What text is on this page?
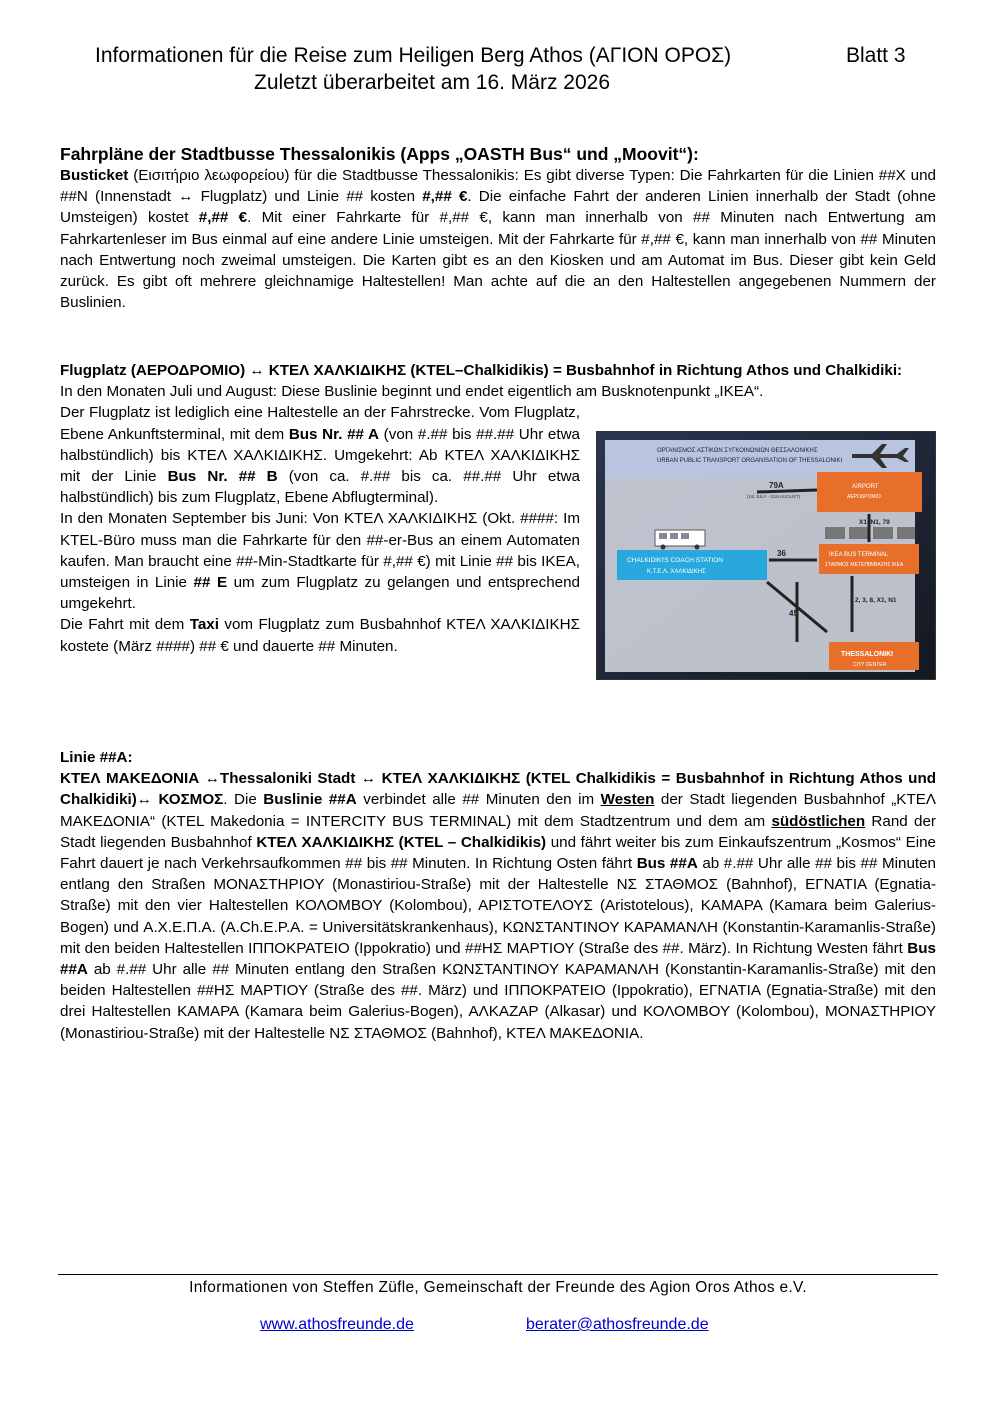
Informationen für die Reise zum Heiligen Berg Athos (ΑΓΙΟΝ ΟΡΟΣ)	Blatt 3
Zuletzt überarbeitet am 16. März 2026
Fahrpläne der Stadtbusse Thessalonikis (Apps „OASTH Bus“ und „Moovit“):

Busticket (Εισιτήριο λεωφορείου) für die Stadtbusse Thessalonikis: Es gibt diverse Typen: Die Fahrkarten für die Linien ##X und ##N (Innenstadt ↔ Flugplatz) und Linie ## kosten #,## €. Die einfache Fahrt der anderen Linien innerhalb der Stadt (ohne Umsteigen) kostet #,## €. Mit einer Fahrkarte für #,## €, kann man innerhalb von ## Minuten nach Entwertung am Fahrkartenleser im Bus einmal auf eine andere Linie umsteigen. Mit der Fahrkarte für #,## €, kann man innerhalb von ## Minuten nach Entwertung noch zweimal umsteigen. Die Karten gibt es an den Kiosken und am Automat im Bus. Dieser gibt kein Geld zurück. Es gibt oft mehrere gleichnamige Haltestellen! Man achte auf die an den Haltestellen angegebenen Nummern der Buslinien.

Flugplatz (ΑΕΡΟΔΡΟΜΙΟ) ↔ ΚΤΕΛ ΧΑΛΚΙΔΙΚΗΣ (KTEL–Chalkidikis) = Busbahnhof in Richtung Athos und Chalkidiki:

In den Monaten Juli und August: Diese Buslinie beginnt und endet eigentlich am Busknotenpunkt „IKEA“.

Der Flugplatz ist lediglich eine Haltestelle an der Fahrstrecke. Vom Flugplatz, Ebene Ankunftsterminal, mit dem Bus Nr. ## A (von #.## bis ##.## Uhr etwa halbstündlich) bis ΚΤΕΛ ΧΑΛΚΙΔΙΚΗΣ. Umgekehrt: Ab ΚΤΕΛ ΧΑΛΚΙΔΙΚΗΣ mit der Linie Bus Nr. ## B (von ca. #.## bis ca. ##.## Uhr etwa halbstündlich) bis zum Flugplatz, Ebene Abflugterminal).

In den Monaten September bis Juni: Von ΚΤΕΛ ΧΑΛΚΙΔΙΚΗΣ (Okt. ####: Im KTEL-Büro muss man die Fahrkarte für den ##-er-Bus an einem Automaten kaufen. Man braucht eine ##-Min-Stadtkarte für #,## €) mit Linie ## bis IKEA, umsteigen in Linie ## E um zum Flugplatz zu gelangen und entsprechend umgekehrt.

Die Fahrt mit dem Taxi vom Flugplatz zum Busbahnhof ΚΤΕΛ ΧΑΛΚΙΔΙΚΗΣ kostete (März ####) ## € und dauerte ## Minuten.

ΟΡΓΑΝΙΣΜΟΣ ΑΣΤΙΚΩΝ ΣΥΓΚΟΙΝΩΝΙΩΝ ΘΕΣΣΑΛΟΝΙΚΗΣ
URBAN PUBLIC TRANSPORT ORGANISATION OF THESSALONIKI
AIRPORT
ΑΕΡΟΔΡΟΜΙΟ
CHALKIDIKI'S COACH STATION
Κ.Τ.Ε.Λ. ΧΑΛΚΙΔΙΚΗΣ
IKEA BUS TERMINAL
ΣΤΑΘΜΟΣ ΜΕΤΕΠΙΒΙΒΑΣΗΣ ΙΚΕΑ
36
79A
(1st JULY - 31st AUGUST)
X1, N1, 79
45
2, 3, 8, X1, N1
THESSALONIKI
CITY CENTER

Linie ##A:

ΚΤΕΛ ΜΑΚΕΔΟΝΙΑ ↔Thessaloniki Stadt ↔ ΚΤΕΛ ΧΑΛΚΙΔΙΚΗΣ (KTEL Chalkidikis = Busbahnhof in Richtung Athos und Chalkidiki)↔ ΚΟΣΜΟΣ. Die Buslinie ##A verbindet alle ## Minuten den im Westen der Stadt liegenden Busbahnhof „ΚΤΕΛ ΜΑΚΕΔΟΝΙΑ“ (KTEL Makedonia = INTERCITY BUS TERMINAL) mit dem Stadtzentrum und dem am südöstlichen Rand der Stadt liegenden Busbahnhof ΚΤΕΛ ΧΑΛΚΙΔΙΚΗΣ (KTEL – Chalkidikis) und fährt weiter bis zum Einkaufszentrum „Kosmos“ Eine Fahrt dauert je nach Verkehrsaufkommen ## bis ## Minuten. In Richtung Osten fährt Bus ##A ab #.## Uhr alle ## bis ## Minuten entlang den Straßen ΜΟΝΑΣΤΗΡΙΟΥ (Monastiriou-Straße) mit der Haltestelle ΝΣ ΣΤΑΘΜΟΣ (Bahnhof), ΕΓΝΑΤΙΑ (Egnatia-Straße) mit den vier Haltestellen ΚΟΛΟΜΒΟΥ (Kolombou), ΑΡΙΣΤΟΤΕΛΟΥΣ (Aristotelous), ΚΑΜΑΡΑ (Kamara beim Galerius-Bogen) und Α.Χ.Ε.Π.Α. (A.Ch.E.P.A. = Universitätskrankenhaus), ΚΩΝΣΤΑΝΤΙΝΟΥ ΚΑΡΑΜΑΝΛΗ (Konstantin-Karamanlis-Straße) mit den beiden Haltestellen ΙΠΠΟΚΡΑΤΕΙΟ (Ippokratio) und ##ΗΣ ΜΑΡΤΙΟΥ (Straße des ##. März). In Richtung Westen fährt Bus ##A ab #.## Uhr alle ## Minuten entlang den Straßen ΚΩΝΣΤΑΝΤΙΝΟΥ ΚΑΡΑΜΑΝΛΗ (Konstantin-Karamanlis-Straße) mit den beiden Haltestellen ##ΗΣ ΜΑΡΤΙΟΥ (Straße des ##. März) und ΙΠΠΟΚΡΑΤΕΙΟ (Ippokratio), ΕΓΝΑΤΙΑ (Egnatia-Straße) mit den drei Haltestellen ΚΑΜΑΡΑ (Kamara beim Galerius-Bogen), ΑΛΚΑΖΑΡ (Alkasar) und ΚΟΛΟΜΒΟΥ (Kolombou), ΜΟΝΑΣΤΗΡΙΟΥ (Monastiriou-Straße) mit der Haltestelle ΝΣ ΣΤΑΘΜΟΣ (Bahnhof), ΚΤΕΛ ΜΑΚΕΔΟΝΙΑ.

Informationen von Steffen Züfle, Gemeinschaft der Freunde des Agion Oros Athos e.V.
www.athosfreunde.de	berater@athosfreunde.de
